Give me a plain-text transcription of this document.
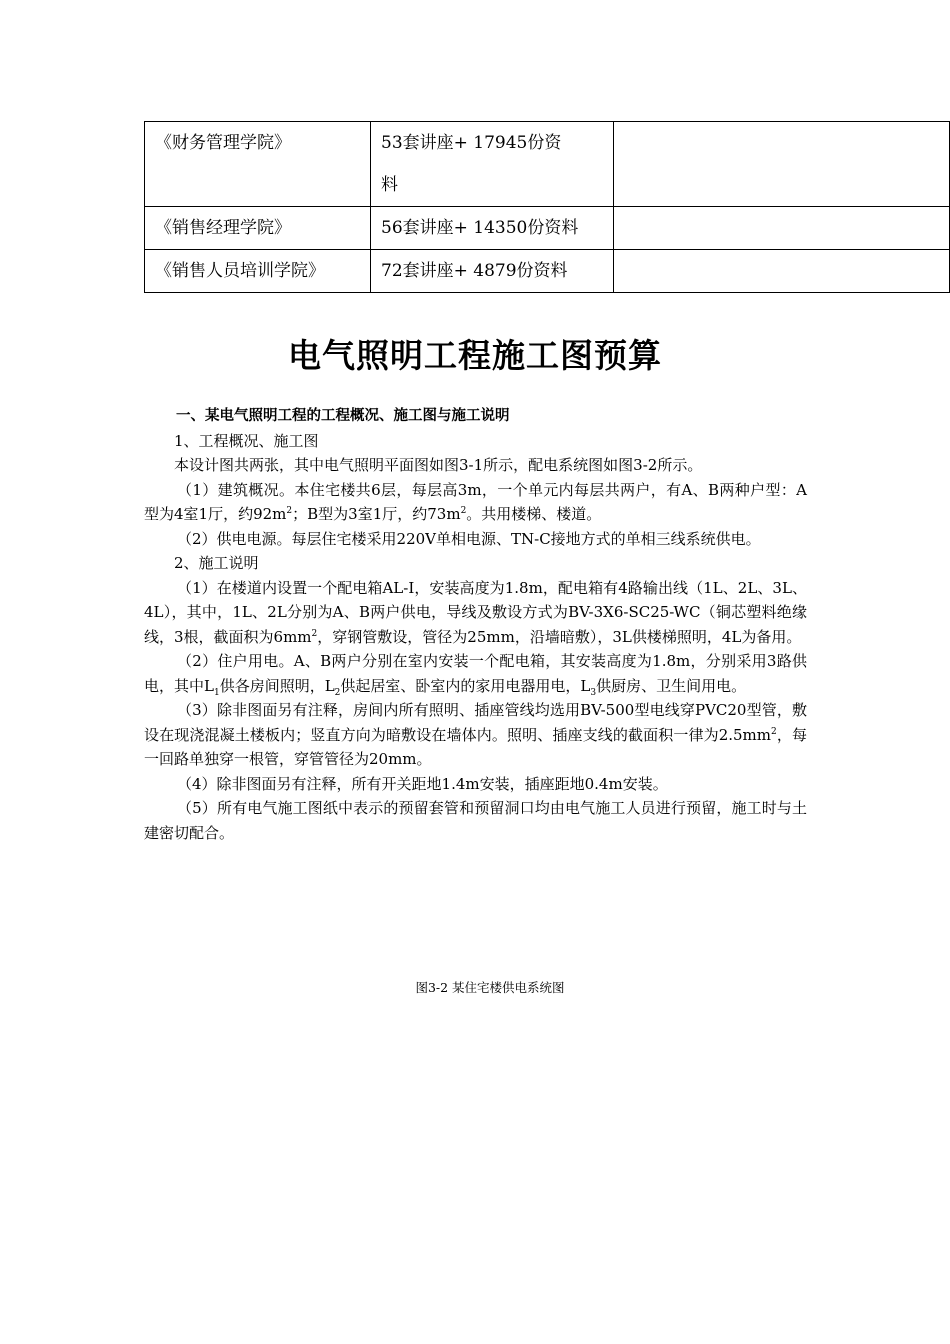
《财务管理学院》	53套讲座+ 17945份资
料	
《销售经理学院》	56套讲座+ 14350份资料	
《销售人员培训学院》	72套讲座+ 4879份资料	
电气照明工程施工图预算

一、某电气照明工程的工程概况、施工图与施工说明

1、工程概况、施工图

本设计图共两张，其中电气照明平面图如图3-1所示，配电系统图如图3-2所示。

（1）建筑概况。本住宅楼共6层，每层高3m，一个单元内每层共两户，有A、B两种户型：A型为4室1厅，约$92m^2$；B型为3室1厅，约$73m^2$。共用楼梯、楼道。

（2）供电电源。每层住宅楼采用220V单相电源、TN-C接地方式的单相三线系统供电。

2、施工说明

（1）在楼道内设置一个配电箱AL-I，安装高度为1.8m，配电箱有4路输出线（1L、2L、3L、4L），其中，1L、2L分别为A、B两户供电，导线及敷设方式为BV-3X6-SC25-WC（铜芯塑料绝缘线，3根，截面积为$6mm^2$，穿钢管敷设，管径为25mm，沿墙暗敷），3L供楼梯照明，4L为备用。

（2）住户用电。A、B两户分别在室内安装一个配电箱，其安装高度为1.8m，分别采用3路供电，其中$L_1$供各房间照明，$L_2$供起居室、卧室内的家用电器用电，$L_3$供厨房、卫生间用电。

（3）除非图面另有注释，房间内所有照明、插座管线均选用BV-500型电线穿PVC20型管，敷设在现浇混凝土楼板内；竖直方向为暗敷设在墙体内。照明、插座支线的截面积一律为$2.5mm^2$，每一回路单独穿一根管，穿管管径为20mm。

（4）除非图面另有注释，所有开关距地1.4m安装，插座距地0.4m安装。

（5）所有电气施工图纸中表示的预留套管和预留洞口均由电气施工人员进行预留，施工时与土建密切配合。

图3-2 某住宅楼供电系统图
